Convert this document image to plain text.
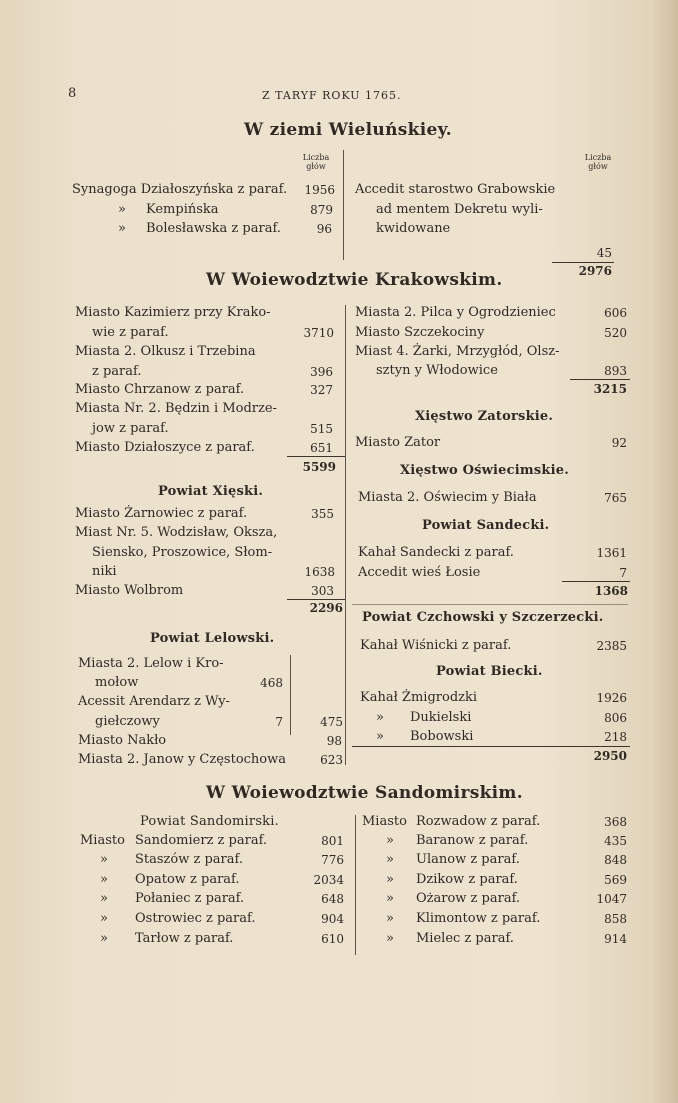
8	Z TARYF ROKU 1765.
W ziemi Wieluńskiey.
Liczba
głów
Liczba
głów
Synagoga Działoszyńska z paraf.	1956
» Kempińska	879
» Bolesławska z paraf.	96
Accedit starostwo Grabowskie
ad mentem Dekretu wyli-
kwidowane
45
2976
W Woiewodztwie Krakowskim.
Miasto Kazimierz przy Krako-
wie z paraf.	3710
Miasta 2. Olkusz i Trzebina
z paraf.	396
Miasto Chrzanow z paraf.	327
Miasta Nr. 2. Będzin i Modrze-
jow z paraf.	515
Miasto Działoszyce z paraf.	651
5599
Powiat Xięski.
Miasto Żarnowiec z paraf.	355
Miast Nr. 5. Wodzisław, Oksza,
Siensko, Proszowice, Słom-
niki	1638
Miasto Wolbrom	303
2296
Powiat Lelowski.
Miasta 2. Lelow i Kro-
mołow	468
Acessit Arendarz z Wy-
giełczowy	7	475
Miasto Nakło	98
Miasta 2. Janow y Częstochowa	623
Miasta 2. Pilca y Ogrodzieniec	606
Miasto Szczekociny	520
Miast 4. Żarki, Mrzygłód, Olsz-
sztyn y Włodowice	893
3215
Xięstwo Zatorskie.
Miasto Zator	92
Xięstwo Oświecimskie.
Miasta 2. Oświecim y Biała	765
Powiat Sandecki.
Kahał Sandecki z paraf.	1361
Accedit wieś Łosie	7
1368
Powiat Czchowski y Szczerzecki.
Kahał Wiśnicki z paraf.	2385
Powiat Biecki.
Kahał Żmigrodzki	1926
» Dukielski	806
» Bobowski	218
2950
W Woiewodztwie Sandomirskim.
Powiat Sandomirski.
Miasto Sandomierz z paraf.	801
» Staszów z paraf.	776
» Opatow z paraf.	2034
» Połaniec z paraf.	648
» Ostrowiec z paraf.	904
» Tarłow z paraf.	610
Miasto Rozwadow z paraf.	368
» Baranow z paraf.	435
» Ulanow z paraf.	848
» Dzikow z paraf.	569
» Ożarow z paraf.	1047
» Klimontow z paraf.	858
» Mielec z paraf.	914
